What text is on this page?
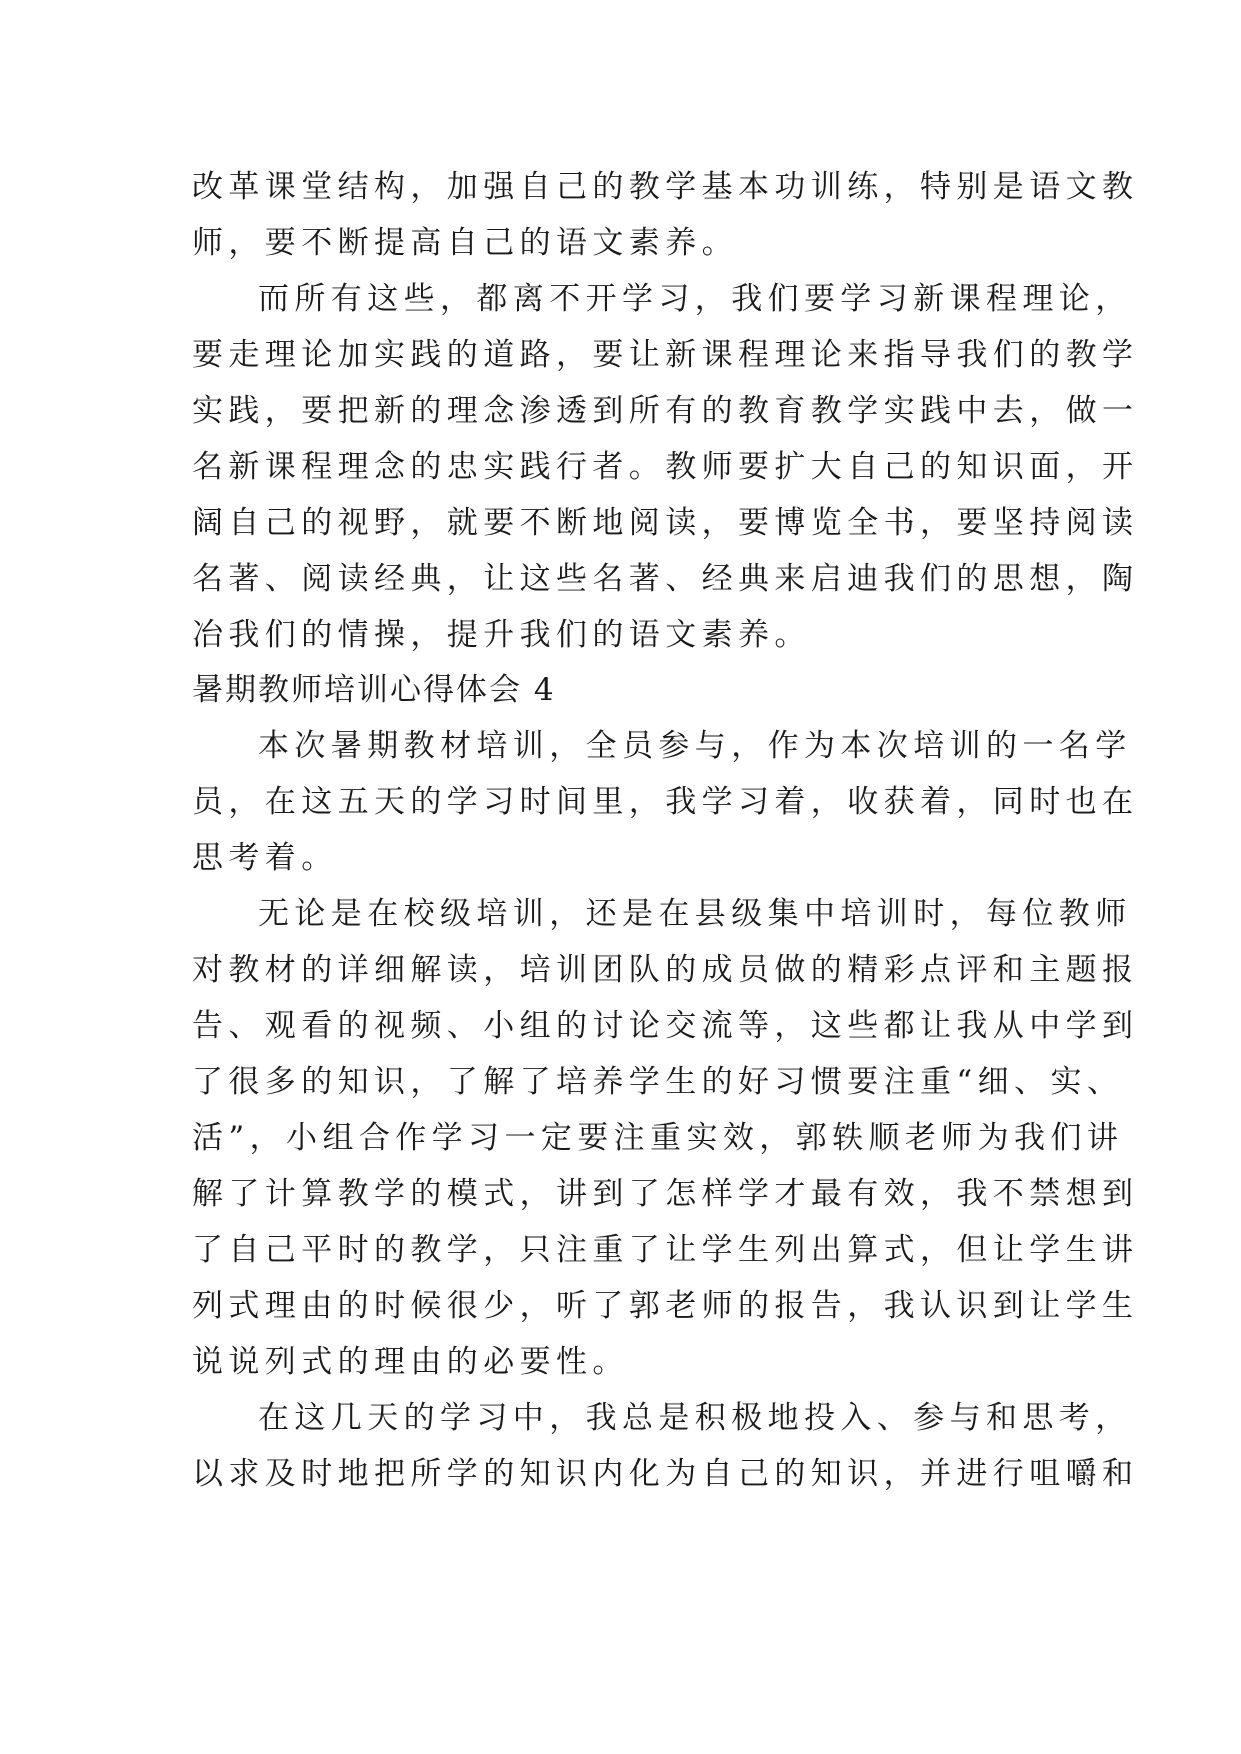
改革课堂结构，加强自己的教学基本功训练，特别是语文教

师，要不断提高自己的语文素养。

而所有这些，都离不开学习，我们要学习新课程理论，

要走理论加实践的道路，要让新课程理论来指导我们的教学

实践，要把新的理念渗透到所有的教育教学实践中去，做一

名新课程理念的忠实践行者。教师要扩大自己的知识面，开

阔自己的视野，就要不断地阅读，要博览全书，要坚持阅读

名著、阅读经典，让这些名著、经典来启迪我们的思想，陶

冶我们的情操，提升我们的语文素养。

暑期教师培训心得体会 4

本次暑期教材培训，全员参与，作为本次培训的一名学

员，在这五天的学习时间里，我学习着，收获着，同时也在

思考着。

无论是在校级培训，还是在县级集中培训时，每位教师

对教材的详细解读，培训团队的成员做的精彩点评和主题报

告、观看的视频、小组的讨论交流等，这些都让我从中学到

了很多的知识，了解了培养学生的好习惯要注重“细、实、

活”，小组合作学习一定要注重实效，郭轶顺老师为我们讲

解了计算教学的模式，讲到了怎样学才最有效，我不禁想到

了自己平时的教学，只注重了让学生列出算式，但让学生讲

列式理由的时候很少，听了郭老师的报告，我认识到让学生

说说列式的理由的必要性。

在这几天的学习中，我总是积极地投入、参与和思考，

以求及时地把所学的知识内化为自己的知识，并进行咀嚼和
